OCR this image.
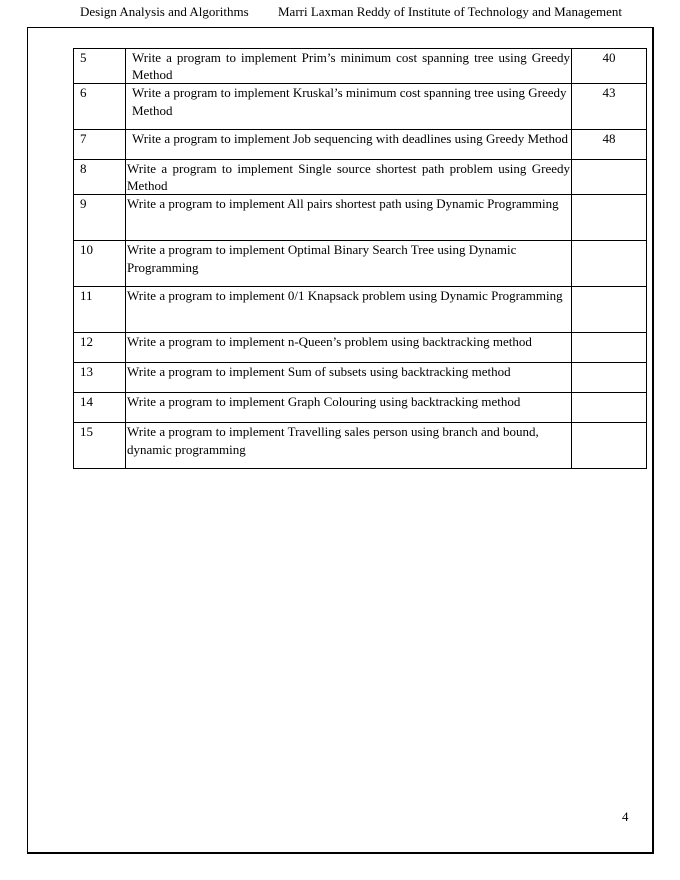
Design Analysis and Algorithms Marri Laxman Reddy of Institute of Technology and Management
5	Write a program to implement Prim’s minimum cost spanning tree using Greedy Method	40
6	Write a program to implement Kruskal’s minimum cost spanning tree using Greedy Method	43
7	Write a program to implement Job sequencing with deadlines using Greedy Method	48
8	Write a program to implement Single source shortest path problem using Greedy Method	
9	Write a program to implement All pairs shortest path using Dynamic Programming	
10	Write a program to implement Optimal Binary Search Tree using Dynamic Programming	
11	Write a program to implement 0/1 Knapsack problem using Dynamic Programming	
12	Write a program to implement n-Queen’s problem using backtracking method	
13	Write a program to implement Sum of subsets using backtracking method	
14	Write a program to implement Graph Colouring using backtracking method	
15	Write a program to implement Travelling sales person using branch and bound, dynamic programming	
4
